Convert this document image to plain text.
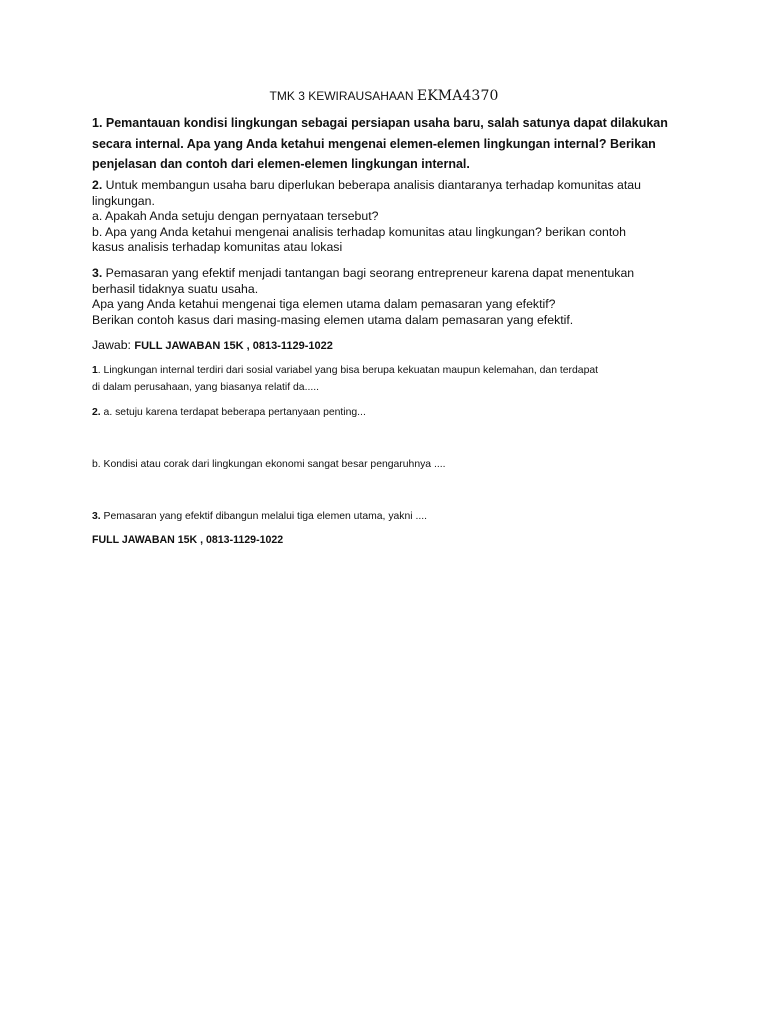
TMK 3 KEWIRAUSAHAAN EKMA4370
1. Pemantauan kondisi lingkungan sebagai persiapan usaha baru, salah satunya dapat dilakukan
secara internal. Apa yang Anda ketahui mengenai elemen-elemen lingkungan internal? Berikan
penjelasan dan contoh dari elemen-elemen lingkungan internal.
2. Untuk membangun usaha baru diperlukan beberapa analisis diantaranya terhadap komunitas atau
lingkungan.
a. Apakah Anda setuju dengan pernyataan tersebut?
b. Apa yang Anda ketahui mengenai analisis terhadap komunitas atau lingkungan? berikan contoh
kasus analisis terhadap komunitas atau lokasi
3. Pemasaran yang efektif menjadi tantangan bagi seorang entrepreneur karena dapat menentukan
berhasil tidaknya suatu usaha.
Apa yang Anda ketahui mengenai tiga elemen utama dalam pemasaran yang efektif?
Berikan contoh kasus dari masing-masing elemen utama dalam pemasaran yang efektif.
Jawab: FULL JAWABAN 15K , 0813-1129-1022
1. Lingkungan internal terdiri dari sosial variabel yang bisa berupa kekuatan maupun kelemahan, dan terdapat
di dalam perusahaan, yang biasanya relatif da.....
2. a. setuju karena terdapat beberapa pertanyaan penting...
b. Kondisi atau corak dari lingkungan ekonomi sangat besar pengaruhnya ....
3. Pemasaran yang efektif dibangun melalui tiga elemen utama, yakni ....
FULL JAWABAN 15K , 0813-1129-1022
